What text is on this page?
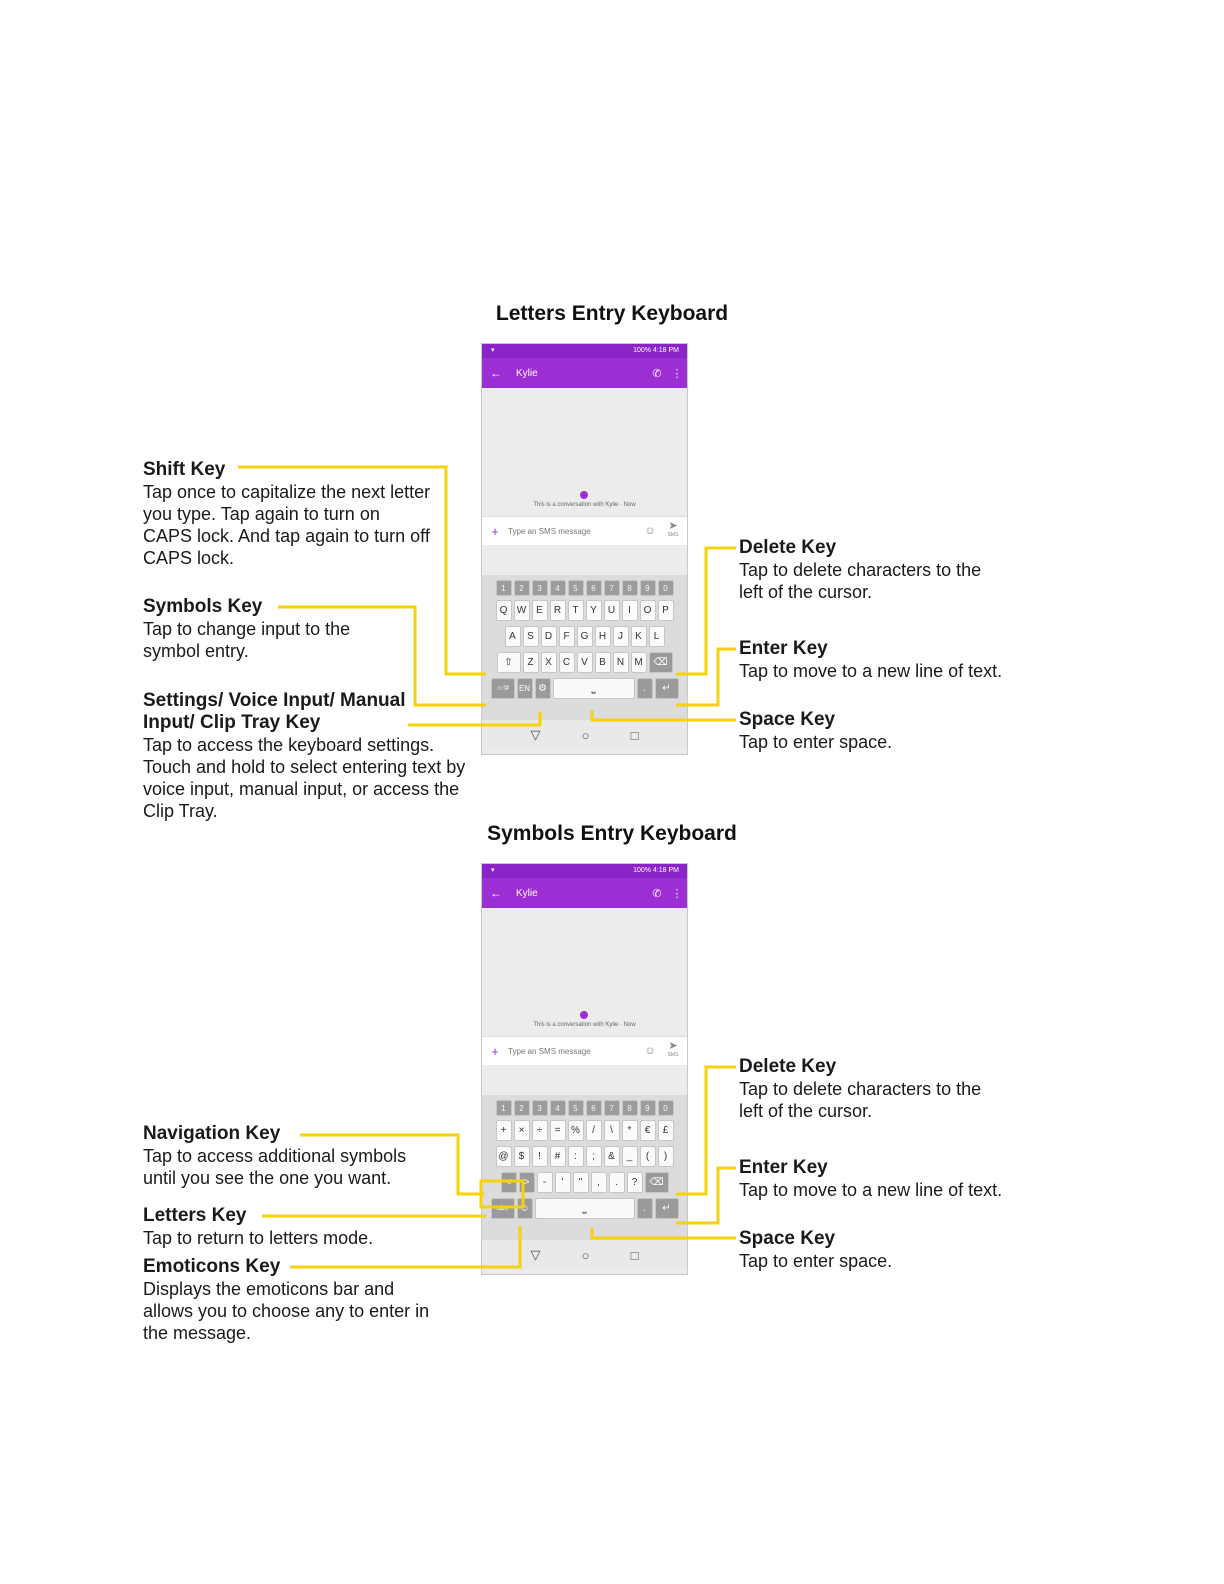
Letters Entry Keyboard
Symbols Entry Keyboard
▾	100% 4:18 PM
←	Kylie	✆ ⋮
This is a conversation with Kylie · Now
+	Type an SMS message	☺	➤
SMS
1	2	3	4	5	6	7	8	9	0
Q W E	R	T	Y	U	I	O	P
A	S	D	F	G	H	J	K	L
⇧	Z	X	C	V	B	N	M	⌫
☺!#	EN ⚙	⎵	.	↵
▽	○	□
▾	100% 4:18 PM
←	Kylie	✆ ⋮
This is a conversation with Kylie · Now
+	Type an SMS message	☺	➤
SMS
1	2	3	4	5	6	7	8	9	0
+	×	÷	=	%	/	\	*	€	£
@	$	!	#	:	;	&	_	(	)
<	>	-	'	"	,	.	?	⌫
abc	☺	⎵	.	↵
▽	○	□
Shift Key
Tap once to capitalize the next letter you type. Tap again to turn on CAPS lock. And tap again to turn off CAPS lock.
Symbols Key
Tap to change input to the symbol entry.
Settings/ Voice Input/ Manual Input/ Clip Tray Key
Tap to access the keyboard settings. Touch and hold to select entering text by voice input, manual input, or access the Clip Tray.
Delete Key
Tap to delete characters to the left of the cursor.
Enter Key
Tap to move to a new line of text.
Space Key
Tap to enter space.
Navigation Key
Tap to access additional symbols until you see the one you want.
Letters Key
Tap to return to letters mode.
Emoticons Key
Displays the emoticons bar and allows you to choose any to enter in the message.
Delete Key
Tap to delete characters to the left of the cursor.
Enter Key
Tap to move to a new line of text.
Space Key
Tap to enter space.
